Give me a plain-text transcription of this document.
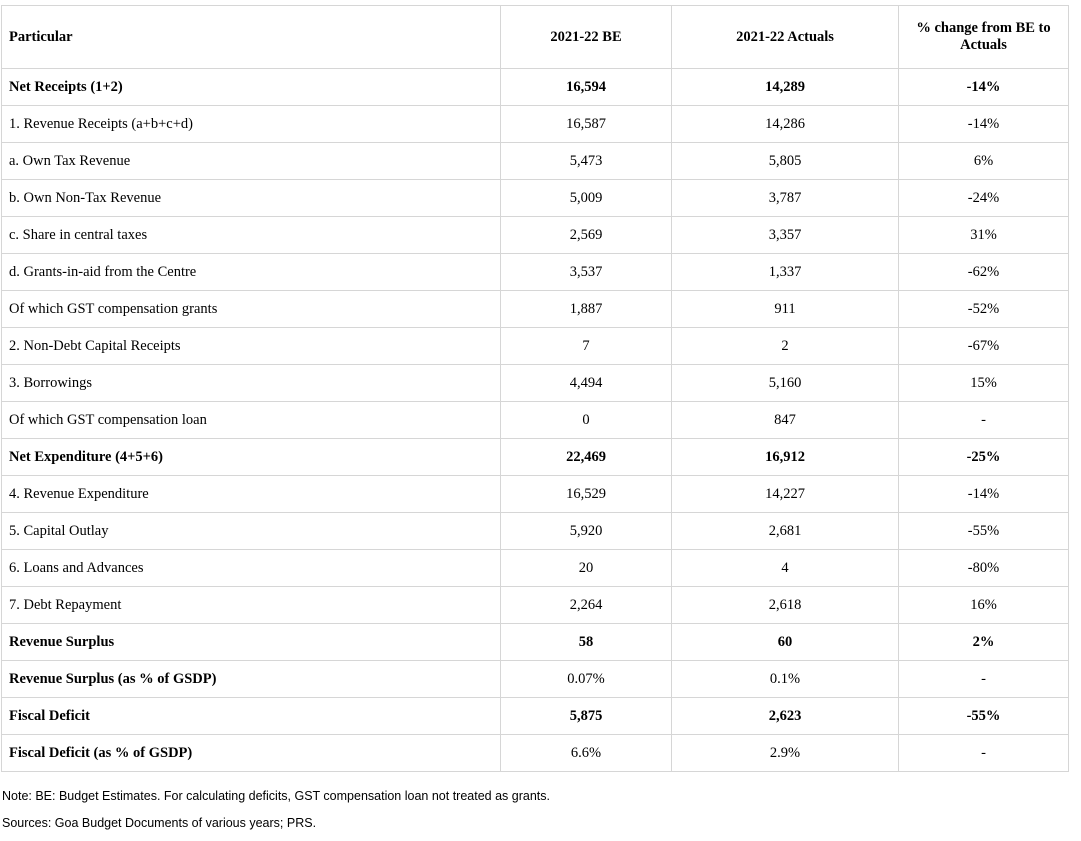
Particular	2021-22 BE	2021-22 Actuals	% change from BE to Actuals
Net Receipts (1+2)	16,594	14,289	-14%
1. Revenue Receipts (a+b+c+d)	16,587	14,286	-14%
a. Own Tax Revenue	5,473	5,805	6%
b. Own Non-Tax Revenue	5,009	3,787	-24%
c. Share in central taxes	2,569	3,357	31%
d. Grants-in-aid from the Centre	3,537	1,337	-62%
Of which GST compensation grants	1,887	911	-52%
2. Non-Debt Capital Receipts	7	2	-67%
3. Borrowings	4,494	5,160	15%
Of which GST compensation loan	0	847	-
Net Expenditure (4+5+6)	22,469	16,912	-25%
4. Revenue Expenditure	16,529	14,227	-14%
5. Capital Outlay	5,920	2,681	-55%
6. Loans and Advances	20	4	-80%
7. Debt Repayment	2,264	2,618	16%
Revenue Surplus	58	60	2%
Revenue Surplus (as % of GSDP)	0.07%	0.1%	-
Fiscal Deficit	5,875	2,623	-55%
Fiscal Deficit (as % of GSDP)	6.6%	2.9%	-
Note: BE: Budget Estimates. For calculating deficits, GST compensation loan not treated as grants.
Sources: Goa Budget Documents of various years; PRS.
